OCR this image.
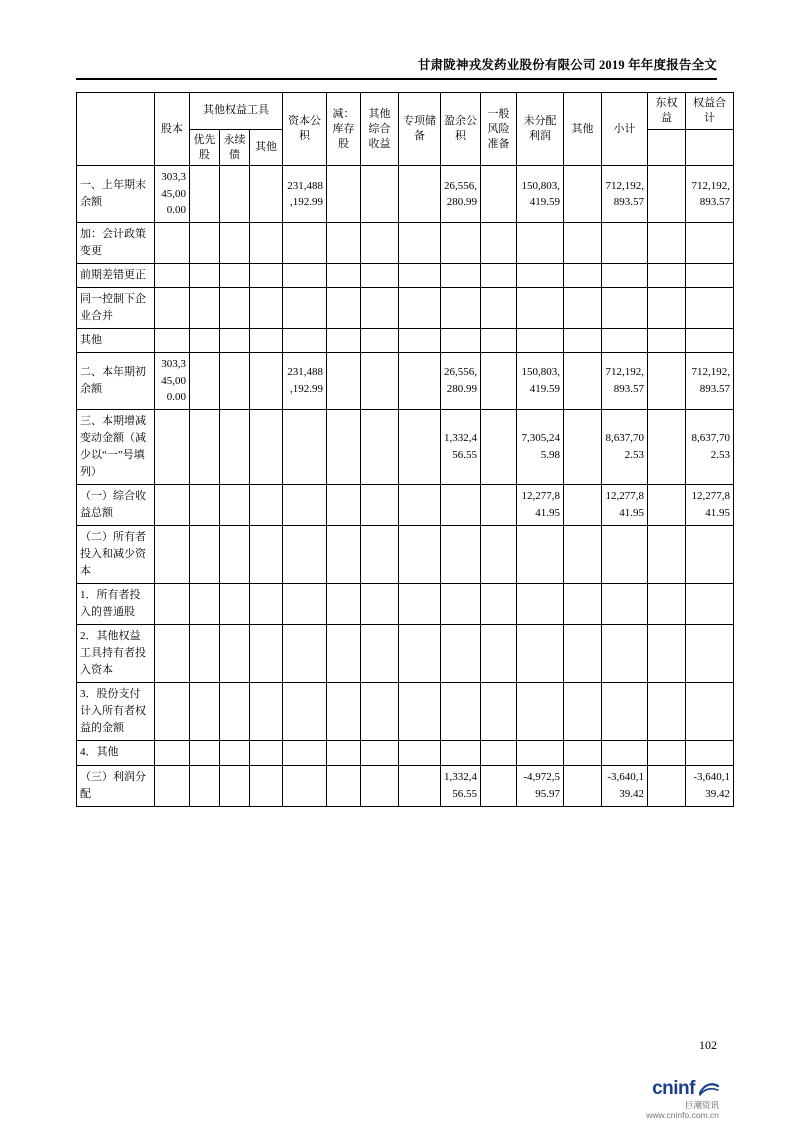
甘肃陇神戎发药业股份有限公司 2019 年年度报告全文
	股本	其他权益工具			资本公积	减：库存股	其他综合收益	专项储备	盈余公积	一般风险准备	未分配利润	其他	小计	东权益	权益合计
		优先股	永续债	其他											
一、上年期末余额	303,345,000.00				231,488,192.99				26,556,280.99		150,803,419.59		712,192,893.57		712,192,893.57
加：会计政策变更															
前期差错更正															
同一控制下企业合并															
其他															
二、本年期初余额	303,345,000.00				231,488,192.99				26,556,280.99		150,803,419.59		712,192,893.57		712,192,893.57
三、本期增减变动金额（减少以“一”号填列）									1,332,456.55		7,305,245.98		8,637,702.53		8,637,702.53
（一）综合收益总额											12,277,841.95		12,277,841.95		12,277,841.95
（二）所有者投入和减少资本															
1．所有者投入的普通股															
2．其他权益工具持有者投入资本															
3．股份支付计入所有者权益的金额															
4．其他															
（三）利润分配									1,332,456.55		-4,972,595.97		-3,640,139.42		-3,640,139.42
102
cninf
巨潮资讯
www.cninfo.com.cn
